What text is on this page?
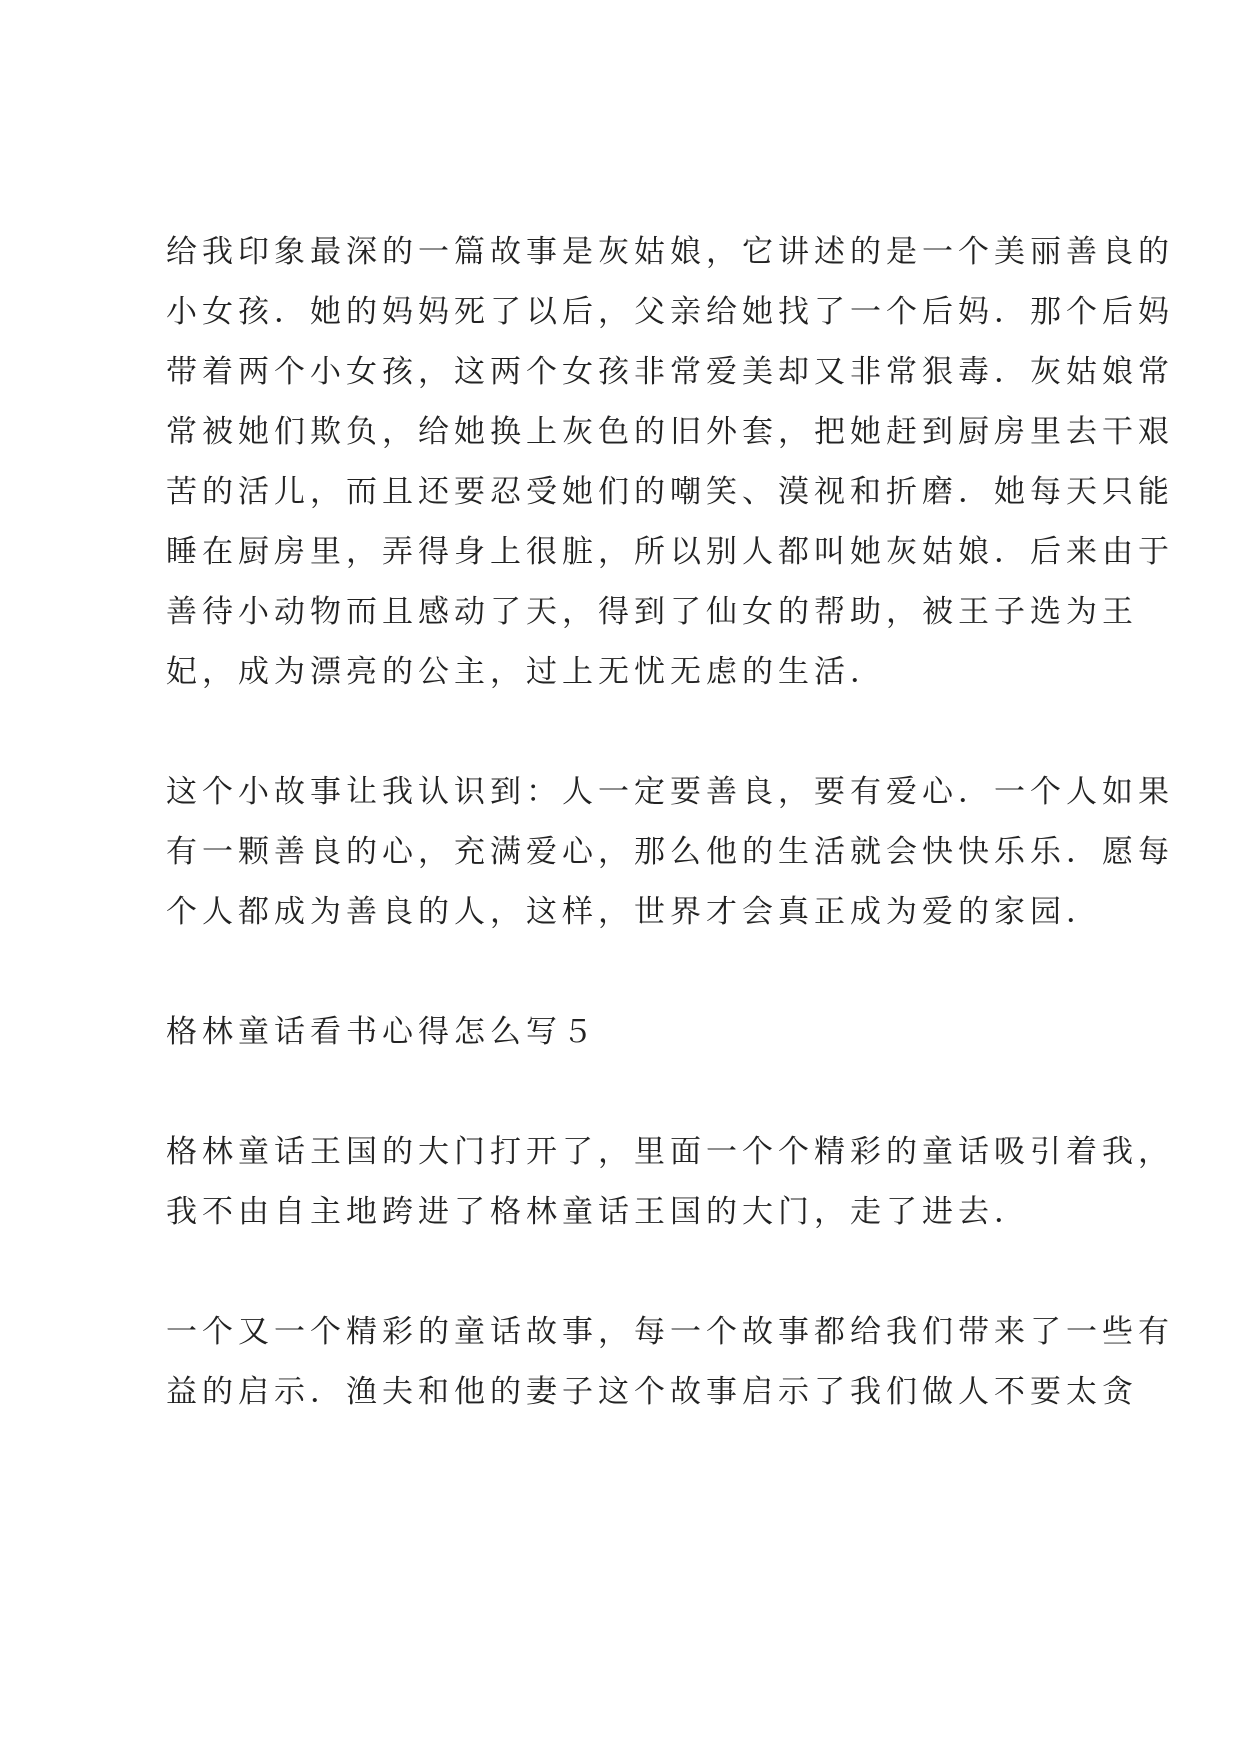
给我印象最深的一篇故事是灰姑娘，它讲述的是一个美丽善良的
小女孩．她的妈妈死了以后，父亲给她找了一个后妈．那个后妈
带着两个小女孩，这两个女孩非常爱美却又非常狠毒．灰姑娘常
常被她们欺负，给她换上灰色的旧外套，把她赶到厨房里去干艰
苦的活儿，而且还要忍受她们的嘲笑、漠视和折磨．她每天只能
睡在厨房里，弄得身上很脏，所以别人都叫她灰姑娘．后来由于
善待小动物而且感动了天，得到了仙女的帮助，被王子选为王
妃，成为漂亮的公主，过上无忧无虑的生活．
这个小故事让我认识到：人一定要善良，要有爱心．一个人如果
有一颗善良的心，充满爱心，那么他的生活就会快快乐乐．愿每
个人都成为善良的人，这样，世界才会真正成为爱的家园．
格林童话看书心得怎么写５
格林童话王国的大门打开了，里面一个个精彩的童话吸引着我，
我不由自主地跨进了格林童话王国的大门，走了进去．
一个又一个精彩的童话故事，每一个故事都给我们带来了一些有
益的启示．渔夫和他的妻子这个故事启示了我们做人不要太贪
